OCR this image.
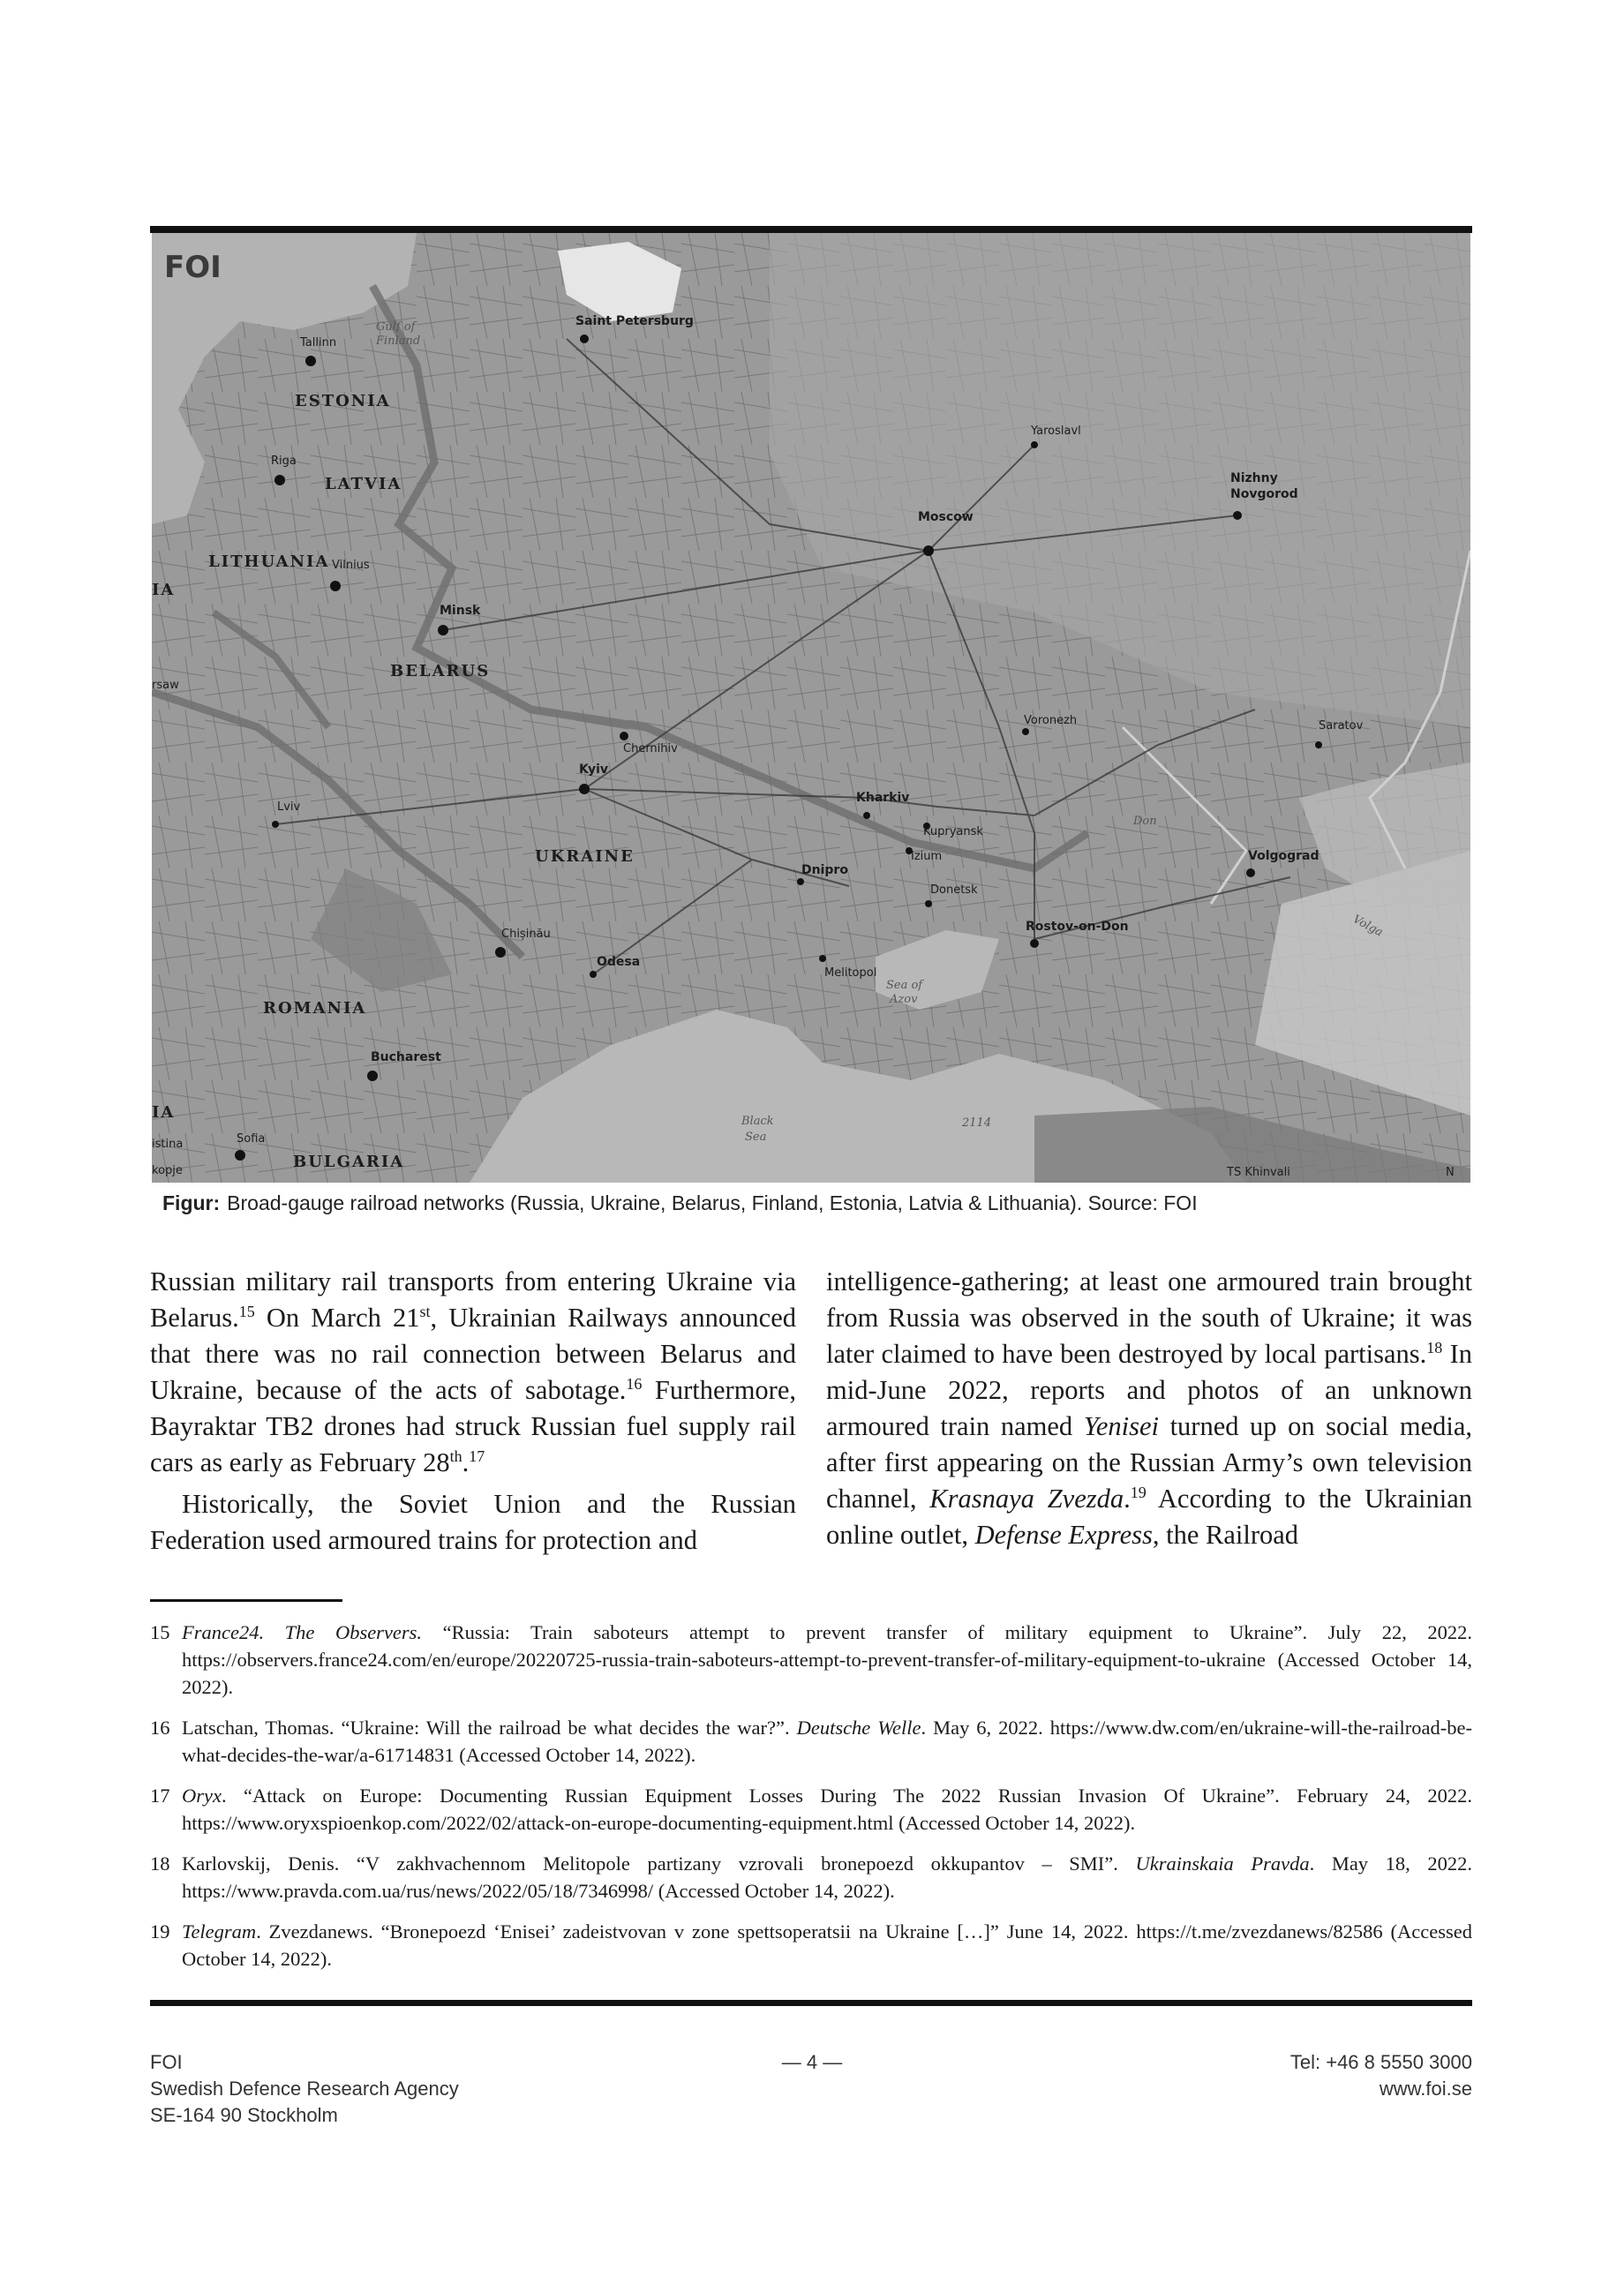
FOI
Saint Petersburg
Tallinn
Gulf of
Finland
ESTONIA
Riga
LATVIA
Yaroslavl
Nizhny
Novgorod
Moscow
LITHUANIA Vilnius
IA
Minsk
rsaw
BELARUS
Chernihiv
Voronezh	Saratov
Kyiv
Kharkiv
Kupryansk
Izium
Lviv
UKRAINE
Dnipro
Don
Volgograd
Donetsk
Chișinău
Rostov-on-Don	Volga
Odesa
Melitopol
Sea of
Azov
ROMANIA
Bucharest
Black
Sea
2114
IA
Sofia
istina
kopje	BULGARIA
TS Khinvali	N
Figur: Broad-gauge railroad networks (Russia, Ukraine, Belarus, Finland, Estonia, Latvia & Lithuania). Source: FOI

Russian military rail transports from entering Ukraine via Belarus.$^{15}$ On March 21st, Ukrainian Railways announced that there was no rail connection between Belarus and Ukraine, because of the acts of sabotage.$^{16}$ Furthermore, Bayraktar TB2 drones had struck Russian fuel supply rail cars as early as February 28th.$^{17}$

Historically, the Soviet Union and the Russian Federation used armoured trains for protection and

intelligence-gathering; at least one armoured train brought from Russia was observed in the south of Ukraine; it was later claimed to have been destroyed by local partisans.$^{18}$ In mid-June 2022, reports and photos of an unknown armoured train named Yenisei turned up on social media, after first appearing on the Russian Army’s own television channel, Krasnaya Zvezda.$^{19}$ According to the Ukrainian online outlet, Defense Express, the Railroad

15 France24. The Observers. “Russia: Train saboteurs attempt to prevent transfer of military equipment to Ukraine”. July 22, 2022. https://observers.france24.com/en/europe/20220725-russia-train-saboteurs-attempt-to-prevent-transfer-of-military-equipment-to-ukraine (Accessed October 14, 2022).
16 Latschan, Thomas. “Ukraine: Will the railroad be what decides the war?”. Deutsche Welle. May 6, 2022. https://www.dw.com/en/ukraine-will-the-railroad-be-what-decides-the-war/a-61714831 (Accessed October 14, 2022).
17 Oryx. “Attack on Europe: Documenting Russian Equipment Losses During The 2022 Russian Invasion Of Ukraine”. February 24, 2022. https://www.oryxspioenkop.com/2022/02/attack-on-europe-documenting-equipment.html (Accessed October 14, 2022).
18 Karlovskij, Denis. “V zakhvachennom Melitopole partizany vzrovali bronepoezd okkupantov – SMI”. Ukrainskaia Pravda. May 18, 2022. https://www.pravda.com.ua/rus/news/2022/05/18/7346998/ (Accessed October 14, 2022).
19 Telegram. Zvezdanews. “Bronepoezd ‘Enisei’ zadeistvovan v zone spettsoperatsii na Ukraine […]” June 14, 2022. https://t.me/zvezdanews/82586 (Accessed October 14, 2022).
FOI
Swedish Defence Research Agency
SE-164 90 Stockholm
— 4 —	Tel: +46 8 5550 3000
www.foi.se
